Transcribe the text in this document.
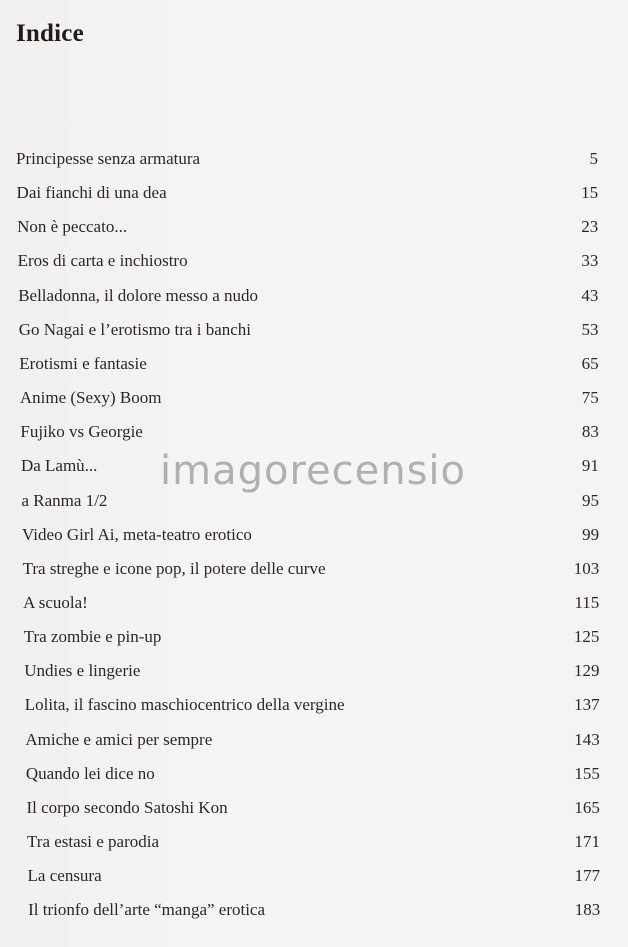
Indice
Principesse senza armatura	5
Dai fianchi di una dea	15
Non è peccato...	23
Eros di carta e inchiostro	33
Belladonna, il dolore messo a nudo	43
Go Nagai e l’erotismo tra i banchi	53
Erotismi e fantasie	65
Anime (Sexy) Boom	75
Fujiko vs Georgie	83
Da Lamù...	91
a Ranma 1/2	95
Video Girl Ai, meta-teatro erotico	99
Tra streghe e icone pop, il potere delle curve	103
A scuola!	115
Tra zombie e pin-up	125
Undies e lingerie	129
Lolita, il fascino maschiocentrico della vergine	137
Amiche e amici per sempre	143
Quando lei dice no	155
Il corpo secondo Satoshi Kon	165
Tra estasi e parodia	171
La censura	177
Il trionfo dell’arte “manga” erotica	183
imagorecensio
